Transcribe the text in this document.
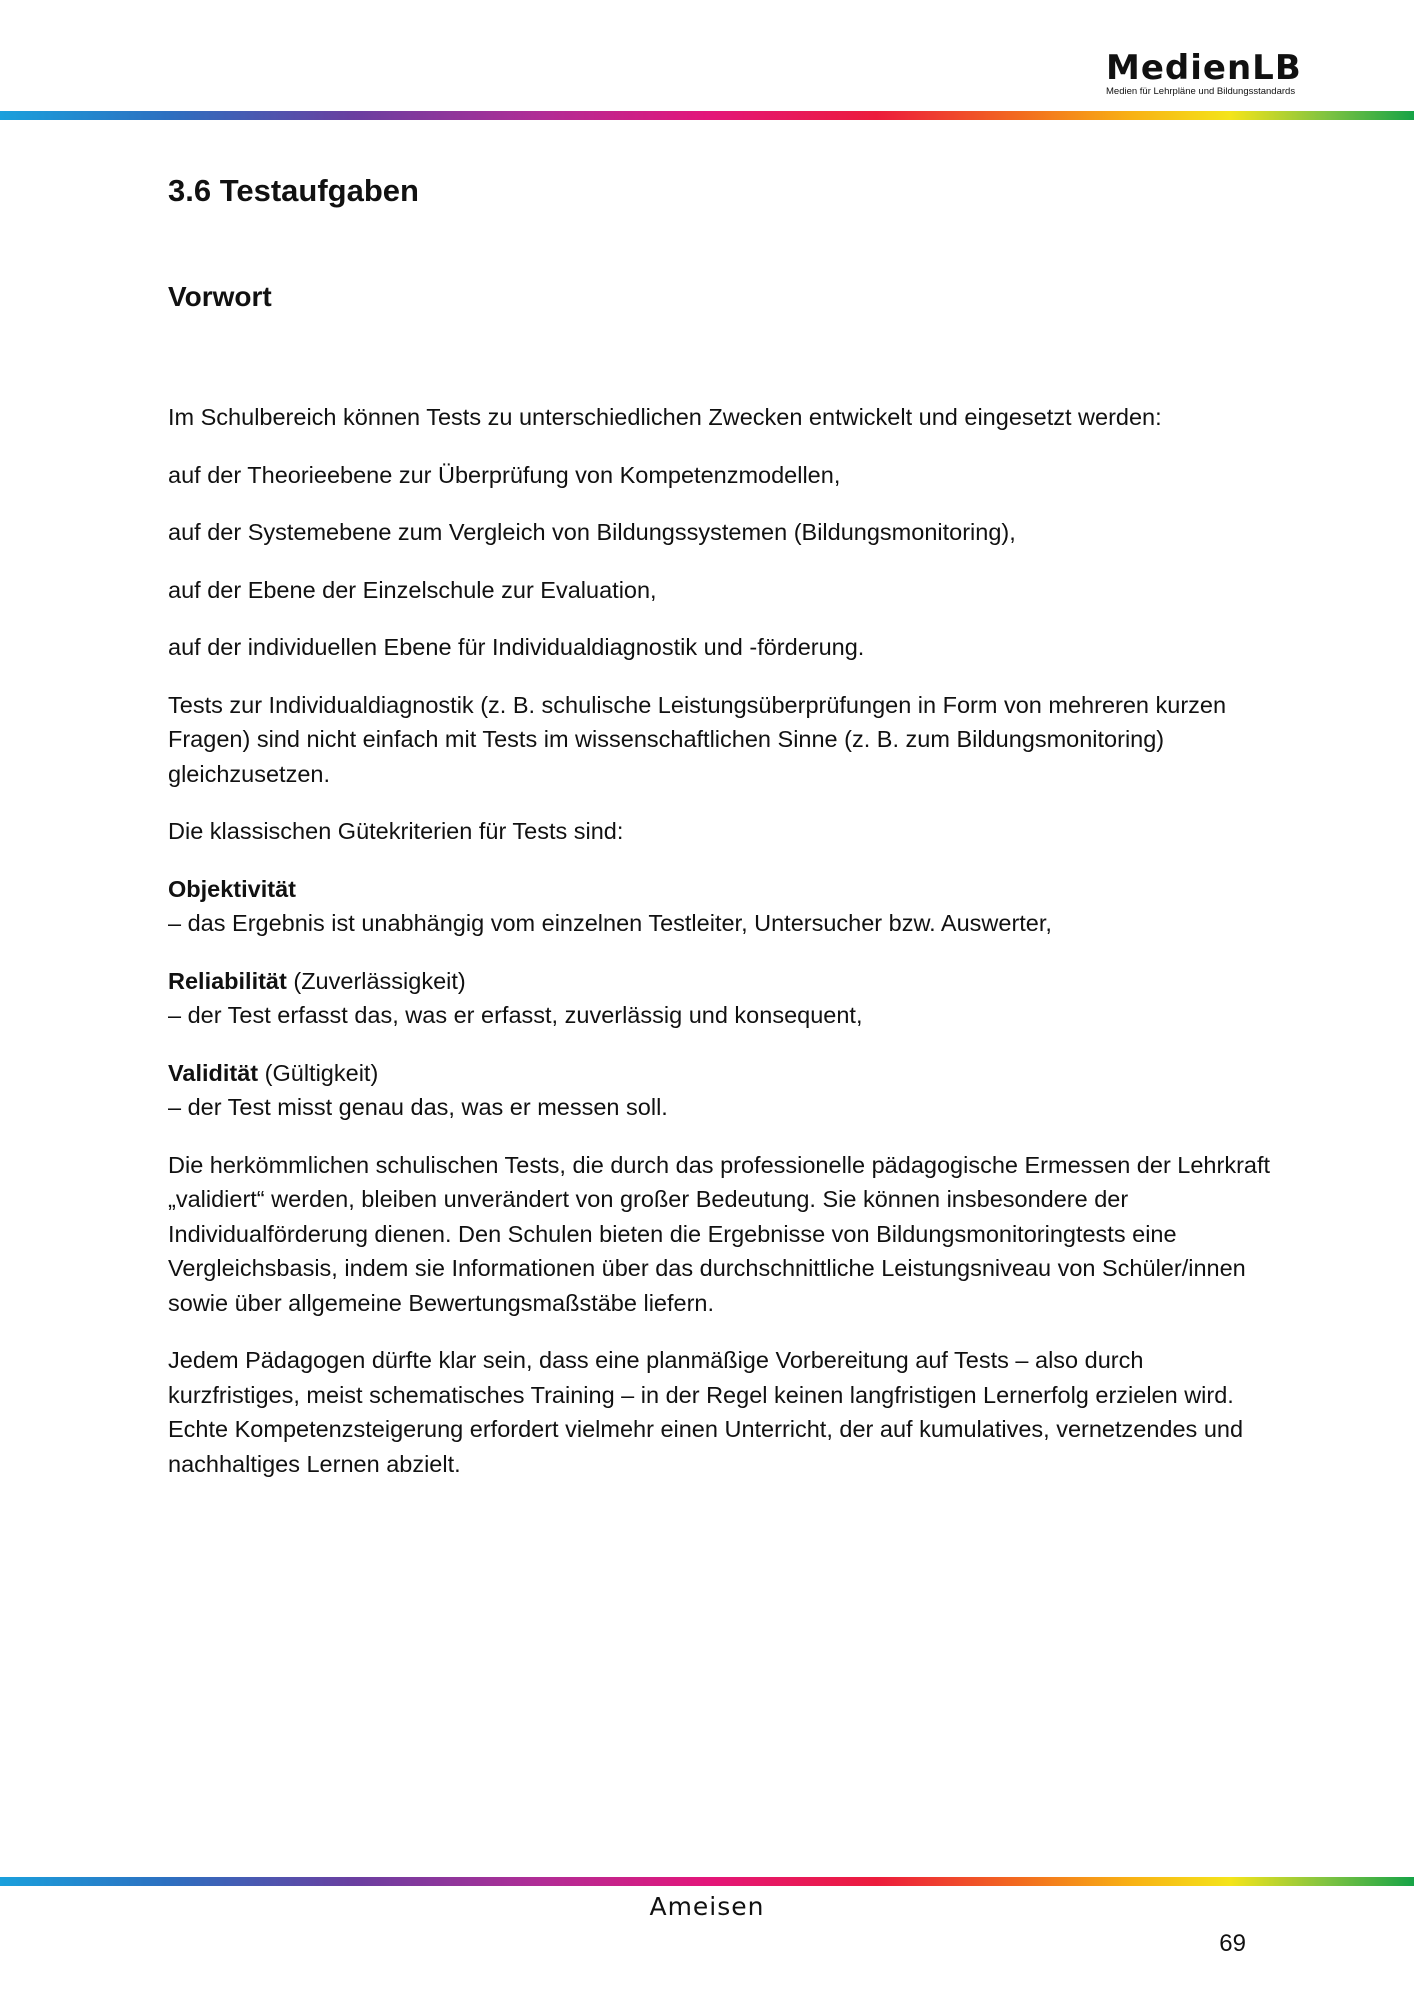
MedienLB
Medien für Lehrpläne und Bildungsstandards
3.6 Testaufgaben
Vorwort

Im Schulbereich können Tests zu unterschiedlichen Zwecken entwickelt und eingesetzt werden:

auf der Theorieebene zur Überprüfung von Kompetenzmodellen,

auf der Systemebene zum Vergleich von Bildungssystemen (Bildungsmonitoring),

auf der Ebene der Einzelschule zur Evaluation,

auf der individuellen Ebene für Individualdiagnostik und -förderung.

Tests zur Individualdiagnostik (z. B. schulische Leistungsüberprüfungen in Form von mehreren kurzen Fragen) sind nicht einfach mit Tests im wissenschaftlichen Sinne (z. B. zum Bildungsmonitoring) gleichzusetzen.

Die klassischen Gütekriterien für Tests sind:

Objektivität
– das Ergebnis ist unabhängig vom einzelnen Testleiter, Untersucher bzw. Auswerter,

Reliabilität (Zuverlässigkeit)
– der Test erfasst das, was er erfasst, zuverlässig und konsequent,

Validität (Gültigkeit)
– der Test misst genau das, was er messen soll.

Die herkömmlichen schulischen Tests, die durch das professionelle pädagogische Ermessen der Lehrkraft „validiert“ werden, bleiben unverändert von großer Bedeutung. Sie können insbesondere der Individualförderung dienen. Den Schulen bieten die Ergebnisse von Bildungsmonitoringtests eine Vergleichsbasis, indem sie Informationen über das durchschnittliche Leistungsniveau von Schüler/innen sowie über allgemeine Bewertungsmaßstäbe liefern.

Jedem Pädagogen dürfte klar sein, dass eine planmäßige Vorbereitung auf Tests – also durch kurzfristiges, meist schematisches Training – in der Regel keinen langfristigen Lernerfolg erzielen wird. Echte Kompetenzsteigerung erfordert vielmehr einen Unterricht, der auf kumulatives, vernetzendes und nachhaltiges Lernen abzielt.

Ameisen
69
